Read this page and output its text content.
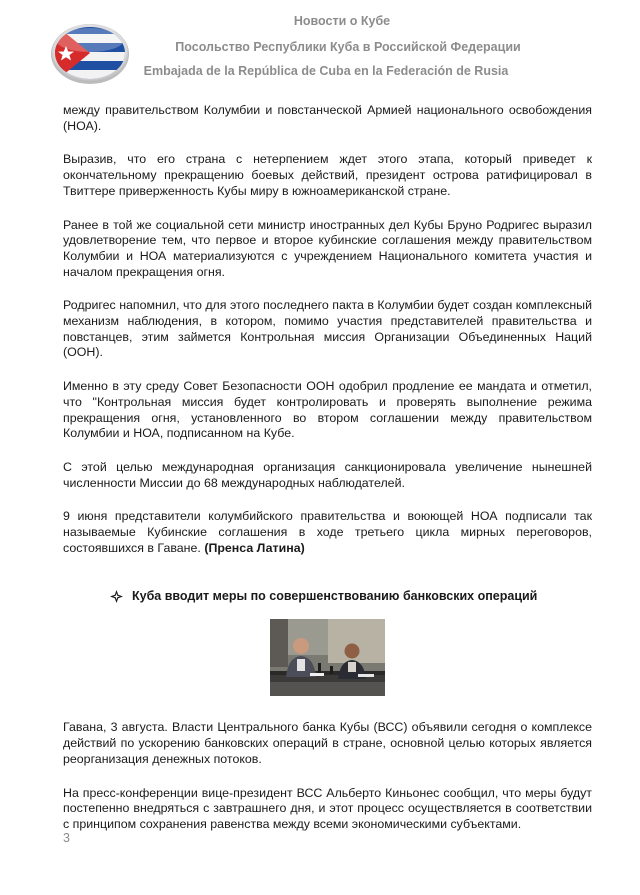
Новости о Кубе
Посольство Республики Куба в Российской Федерации
Embajada de la República de Cuba en la Federación de Rusia

между правительством Колумбии и повстанческой Армией национального освобождения (НОА).

Выразив, что его страна с нетерпением ждет этого этапа, который приведет к окончательному прекращению боевых действий, президент острова ратифицировал в Твиттере приверженность Кубы миру в южноамериканской стране.

Ранее в той же социальной сети министр иностранных дел Кубы Бруно Родригес выразил удовлетворение тем, что первое и второе кубинские соглашения между правительством Колумбии и НОА материализуются с учреждением Национального комитета участия и началом прекращения огня.

Родригес напомнил, что для этого последнего пакта в Колумбии будет создан комплексный механизм наблюдения, в котором, помимо участия представителей правительства и повстанцев, этим займется Контрольная миссия Организации Объединенных Наций (ООН).

Именно в эту среду Совет Безопасности ООН одобрил продление ее мандата и отметил, что "Контрольная миссия будет контролировать и проверять выполнение режима прекращения огня, установленного во втором соглашении между правительством Колумбии и НОА, подписанном на Кубе.

С этой целью международная организация санкционировала увеличение нынешней численности Миссии до 68 международных наблюдателей.

9 июня представители колумбийского правительства и воюющей НОА подписали так называемые Кубинские соглашения в ходе третьего цикла мирных переговоров, состоявшихся в Гаване. (Пренса Латина)

Куба вводит меры по совершенствованию банковских операций

Гавана, 3 августа. Власти Центрального банка Кубы (ВСС) объявили сегодня о комплексе действий по ускорению банковских операций в стране, основной целью которых является реорганизация денежных потоков.

На пресс-конференции вице-президент ВСС Альберто Киньонес сообщил, что меры будут постепенно внедряться с завтрашнего дня, и этот процесс осуществляется в соответствии с принципом сохранения равенства между всеми экономическими субъектами.

3
